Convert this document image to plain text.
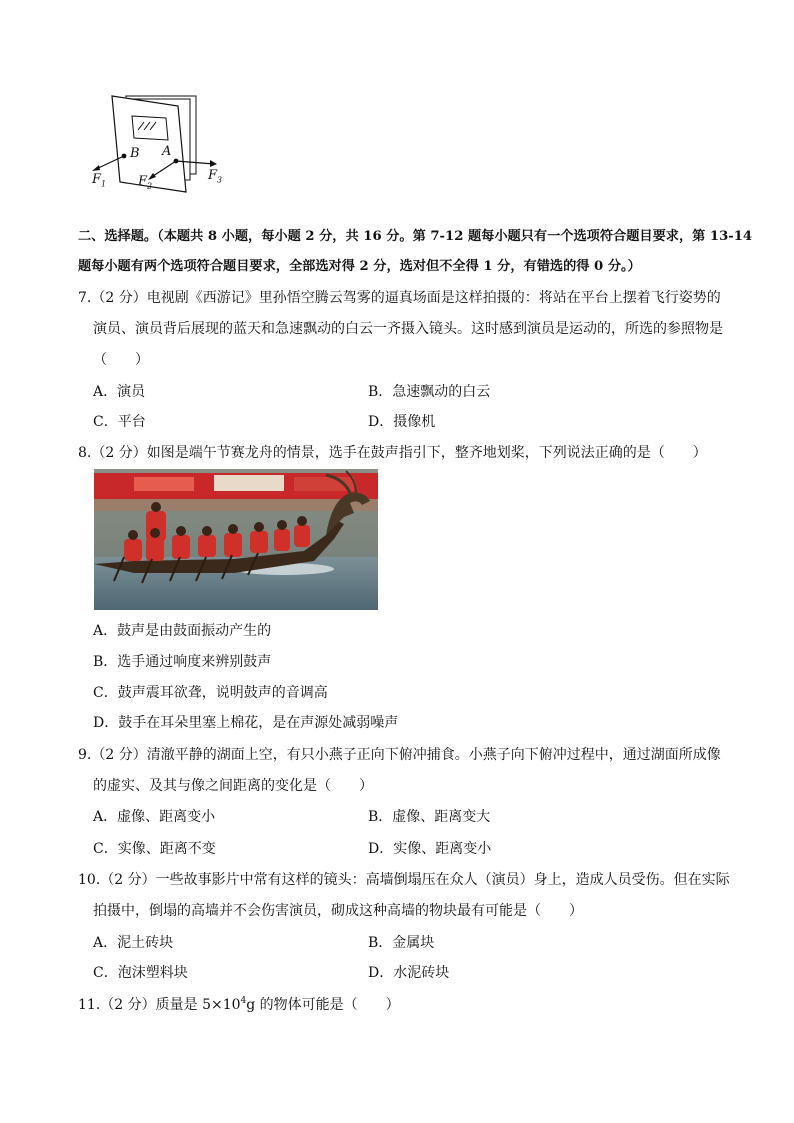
B A
$F_1$ $F_2$
$F_3$
二、选择题。（本题共 8 小题，每小题 2 分，共 16 分。第 7-12 题每小题只有一个选项符合题目要求，第 13-14
题每小题有两个选项符合题目要求，全部选对得 2 分，选对但不全得 1 分，有错选的得 0 分。）
7.（2 分）电视剧《西游记》里孙悟空腾云驾雾的逼真场面是这样拍摄的：将站在平台上摆着飞行姿势的
演员、演员背后展现的蓝天和急速飘动的白云一齐摄入镜头。这时感到演员是运动的，所选的参照物是
（　　）
A．演员	B．急速飘动的白云
C．平台	D．摄像机
8.（2 分）如图是端午节赛龙舟的情景，选手在鼓声指引下，整齐地划桨，下列说法正确的是（　　）
A．鼓声是由鼓面振动产生的
B．选手通过响度来辨别鼓声
C．鼓声震耳欲聋，说明鼓声的音调高
D．鼓手在耳朵里塞上棉花，是在声源处减弱噪声
9.（2 分）清澈平静的湖面上空，有只小燕子正向下俯冲捕食。小燕子向下俯冲过程中，通过湖面所成像
的虚实、及其与像之间距离的变化是（　　）
A．虚像、距离变小	B．虚像、距离变大
C．实像、距离不变	D．实像、距离变小
10.（2 分）一些故事影片中常有这样的镜头：高墙倒塌压在众人（演员）身上，造成人员受伤。但在实际
拍摄中，倒塌的高墙并不会伤害演员，砌成这种高墙的物块最有可能是（　　）
A．泥土砖块	B．金属块
C．泡沫塑料块	D．水泥砖块
11.（2 分）质量是 $5\times 10^4g$ 的物体可能是（　　）
